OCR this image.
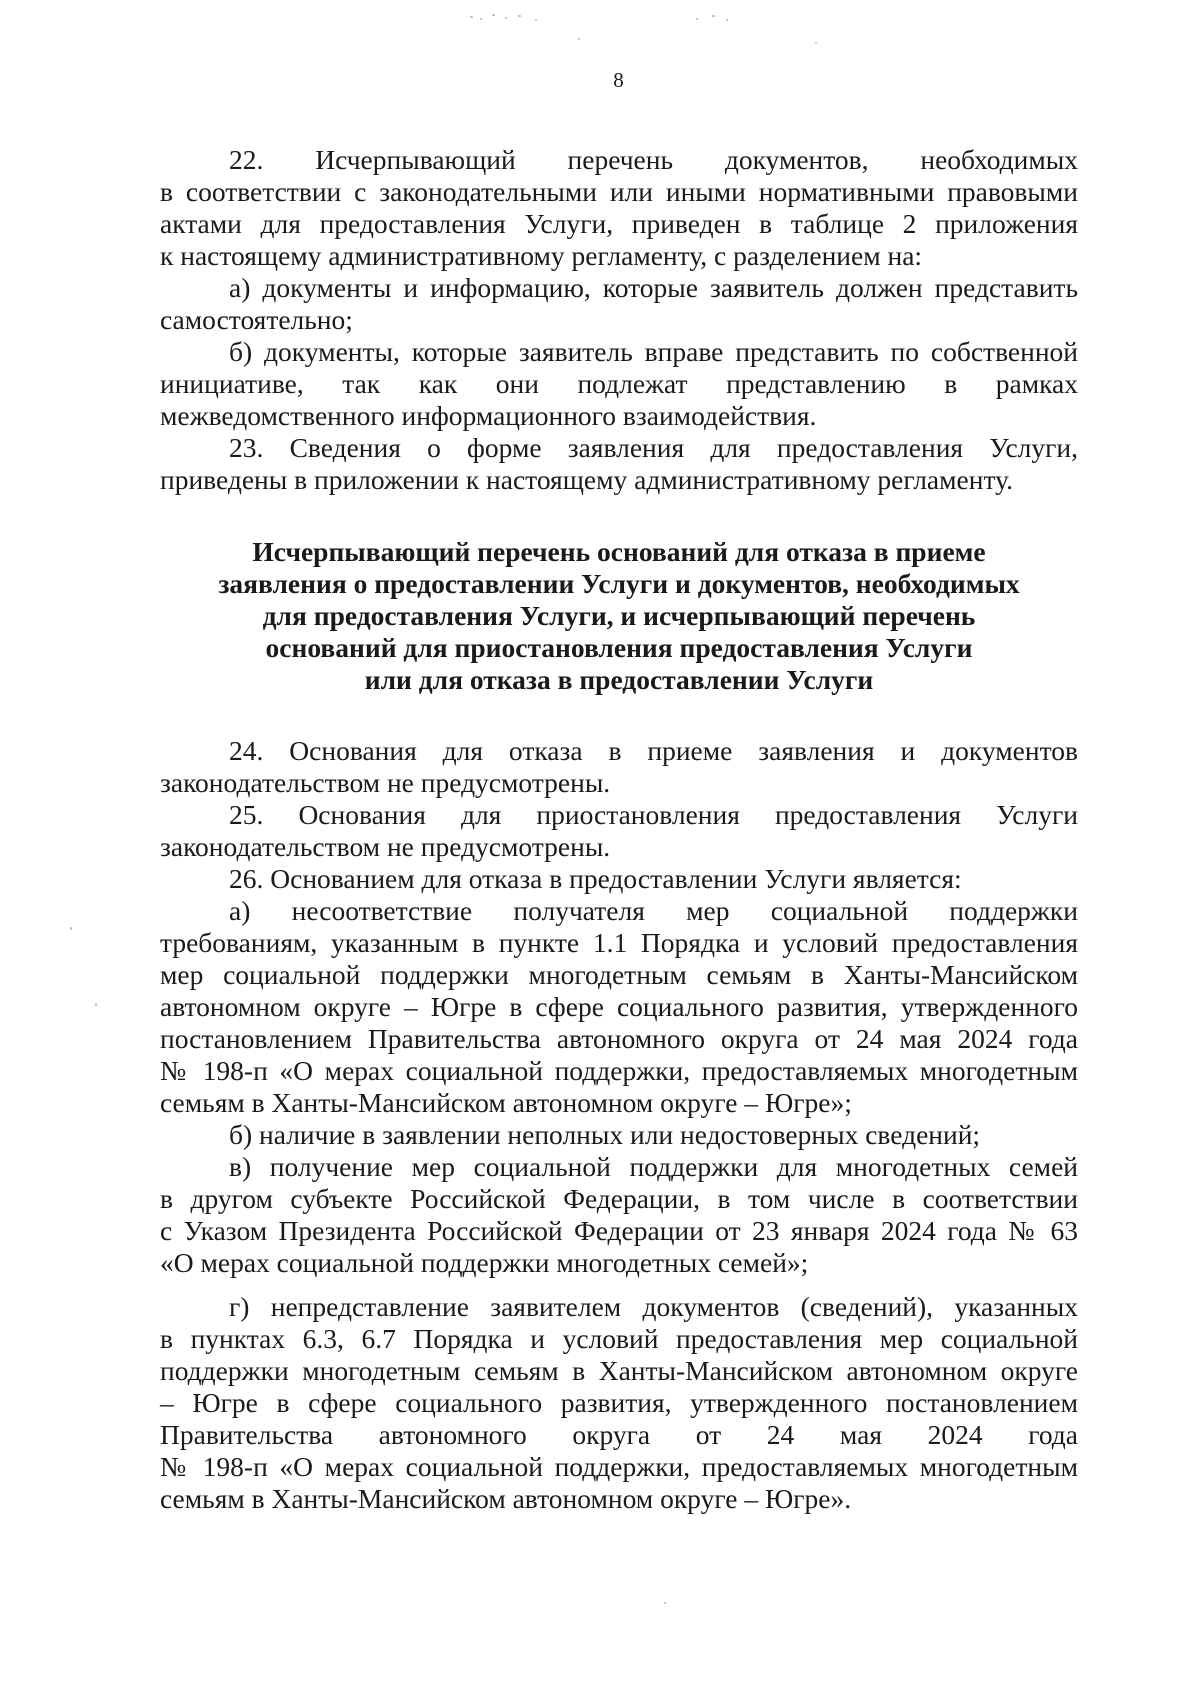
8
22. Исчерпывающий перечень документов, необходимых
в соответствии с законодательными или иными нормативными правовыми
актами для предоставления Услуги, приведен в таблице 2 приложения
к настоящему административному регламенту, с разделением на:
а) документы и информацию, которые заявитель должен представить
самостоятельно;
б) документы, которые заявитель вправе представить по собственной
инициативе, так как они подлежат представлению в рамках
межведомственного информационного взаимодействия.
23. Сведения о форме заявления для предоставления Услуги,
приведены в приложении к настоящему административному регламенту.
Исчерпывающий перечень оснований для отказа в приеме
заявления о предоставлении Услуги и документов, необходимых
для предоставления Услуги, и исчерпывающий перечень
оснований для приостановления предоставления Услуги
или для отказа в предоставлении Услуги
24. Основания для отказа в приеме заявления и документов
законодательством не предусмотрены.
25. Основания для приостановления предоставления Услуги
законодательством не предусмотрены.
26. Основанием для отказа в предоставлении Услуги является:
а) несоответствие получателя мер социальной поддержки
требованиям, указанным в пункте 1.1 Порядка и условий предоставления
мер социальной поддержки многодетным семьям в Ханты-Мансийском
автономном округе – Югре в сфере социального развития, утвержденного
постановлением Правительства автономного округа от 24 мая 2024 года
№ 198-п «О мерах социальной поддержки, предоставляемых многодетным
семьям в Ханты-Мансийском автономном округе – Югре»;
б) наличие в заявлении неполных или недостоверных сведений;
в) получение мер социальной поддержки для многодетных семей
в другом субъекте Российской Федерации, в том числе в соответствии
с Указом Президента Российской Федерации от 23 января 2024 года № 63
«О мерах социальной поддержки многодетных семей»;
г) непредставление заявителем документов (сведений), указанных
в пунктах 6.3, 6.7 Порядка и условий предоставления мер социальной
поддержки многодетным семьям в Ханты-Мансийском автономном округе
– Югре в сфере социального развития, утвержденного постановлением
Правительства автономного округа от 24 мая 2024 года
№ 198-п «О мерах социальной поддержки, предоставляемых многодетным
семьям в Ханты-Мансийском автономном округе – Югре».
